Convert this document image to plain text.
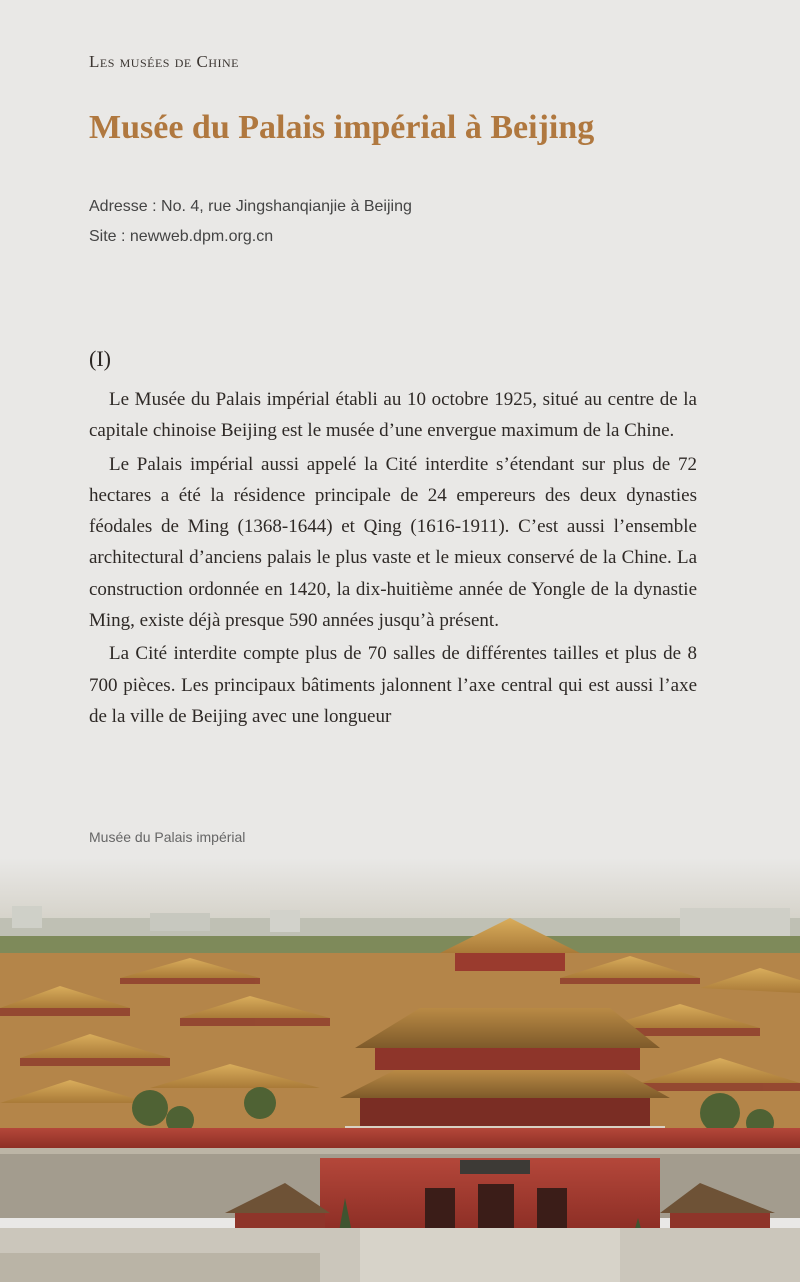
Les musées de Chine
Musée du Palais impérial à Beijing
Adresse : No. 4, rue Jingshanqianjie à Beijing
Site : newweb.dpm.org.cn
(I)

Le Musée du Palais impérial établi au 10 octobre 1925, situé au centre de la capitale chinoise Beijing est le musée d’une envergue maximum de la Chine.

Le Palais impérial aussi appelé la Cité interdite s’étendant sur plus de 72 hectares a été la résidence principale de 24 empereurs des deux dynasties féodales de Ming (1368-1644) et Qing (1616-1911). C’est aussi l’ensemble architectural d’anciens palais le plus vaste et le mieux conservé de la Chine. La construction ordonnée en 1420, la dix-huitième année de Yongle de la dynastie Ming, existe déjà presque 590 années jusqu’à présent.

La Cité interdite compte plus de 70 salles de différentes tailles et plus de 8 700 pièces. Les principaux bâtiments jalonnent l’axe central qui est aussi l’axe de la ville de Beijing avec une longueur

Musée du Palais impérial
